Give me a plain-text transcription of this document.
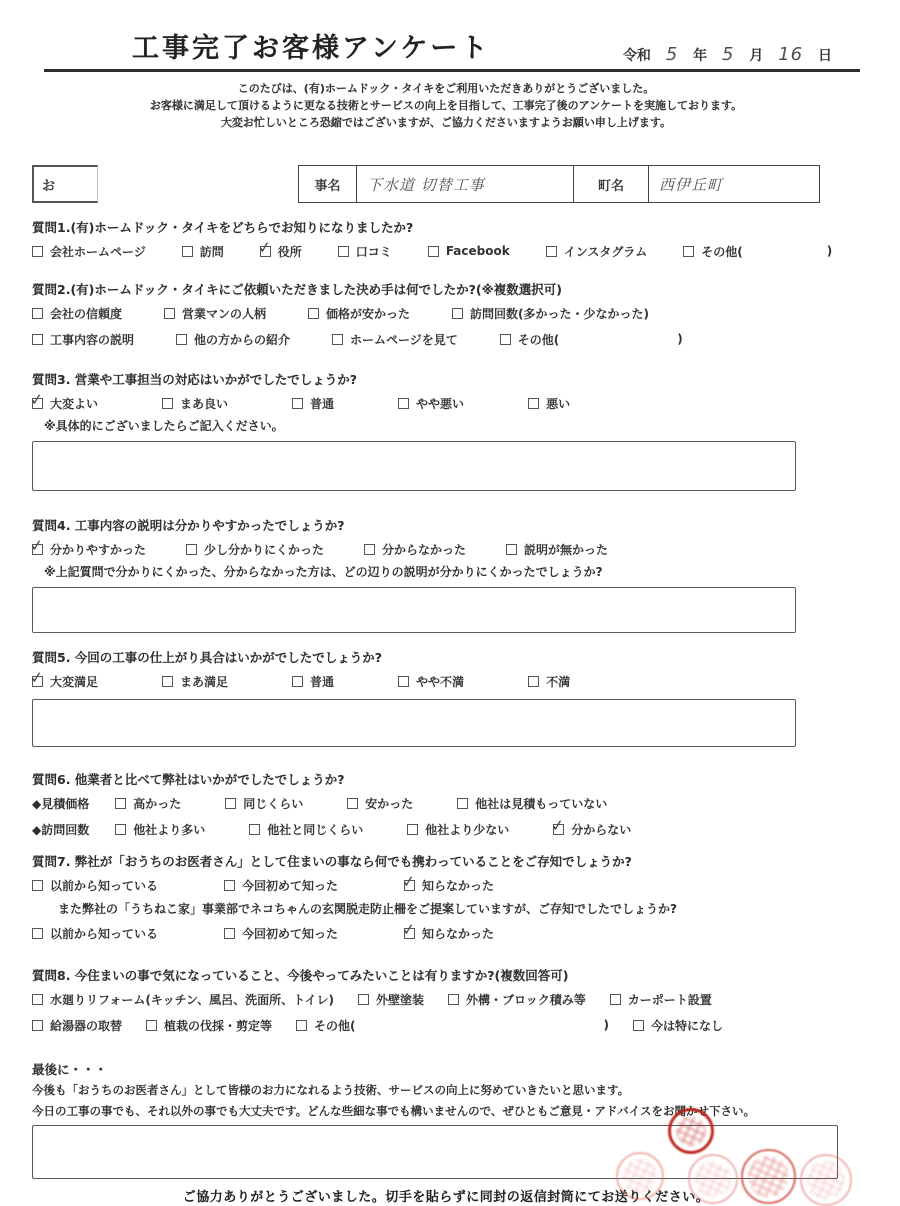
工事完了お客様アンケート	令和 5 年 5 月 16 日
このたびは、(有)ホームドック・タイキをご利用いただきありがとうございました。
お客様に満足して頂けるように更なる技術とサービスの向上を目指して、工事完了後のアンケートを実施しております。
大変お忙しいところ恐縮ではございますが、ご協力くださいますようお願い申し上げます。
お	事名	下水道 切替工事	町名	西伊丘町
質問1.(有)ホームドック・タイキをどちらでお知りになりましたか?
会社ホームページ	訪問 ✓ 役所	口コミ	Facebook	インスタグラム	その他(	)
質問2.(有)ホームドック・タイキにご依頼いただきました決め手は何でしたか?(※複数選択可)
会社の信頼度	営業マンの人柄	価格が安かった	訪問回数(多かった・少なかった)
工事内容の説明	他の方からの紹介	ホームページを見て	その他(	)
質問3. 営業や工事担当の対応はいかがでしたでしょうか?
✓ 大変よい	まあ良い	普通	やや悪い	悪い
※具体的にございましたらご記入ください。
質問4. 工事内容の説明は分かりやすかったでしょうか?
✓ 分かりやすかった	少し分かりにくかった	分からなかった	説明が無かった
※上記質問で分かりにくかった、分からなかった方は、どの辺りの説明が分かりにくかったでしょうか?
質問5. 今回の工事の仕上がり具合はいかがでしたでしょうか?
✓ 大変満足	まあ満足	普通	やや不満	不満
質問6. 他業者と比べて弊社はいかがでしたでしょうか?
◆見積価格	高かった	同じくらい	安かった	他社は見積もっていない
◆訪問回数	他社より多い	他社と同じくらい	他社より少ない	✓ 分からない
質問7. 弊社が「おうちのお医者さん」として住まいの事なら何でも携わっていることをご存知でしょうか?
以前から知っている	今回初めて知った	✓ 知らなかった
また弊社の「うちねこ家」事業部でネコちゃんの玄関脱走防止柵をご提案していますが、ご存知でしたでしょうか?
以前から知っている	今回初めて知った	✓ 知らなかった
質問8. 今住まいの事で気になっていること、今後やってみたいことは有りますか?(複数回答可)
水廻りリフォーム(キッチン、風呂、洗面所、トイレ)	外壁塗装	外構・ブロック積み等	カーポート設置
給湯器の取替	植栽の伐採・剪定等	その他(	)	今は特になし
最後に・・・
今後も「おうちのお医者さん」として皆様のお力になれるよう技術、サービスの向上に努めていきたいと思います。
今日の工事の事でも、それ以外の事でも大丈夫です。どんな些細な事でも構いませんので、ぜひともご意見・アドバイスをお聞かせ下さい。
ご協力ありがとうございました。切手を貼らずに同封の返信封筒にてお送りください。
